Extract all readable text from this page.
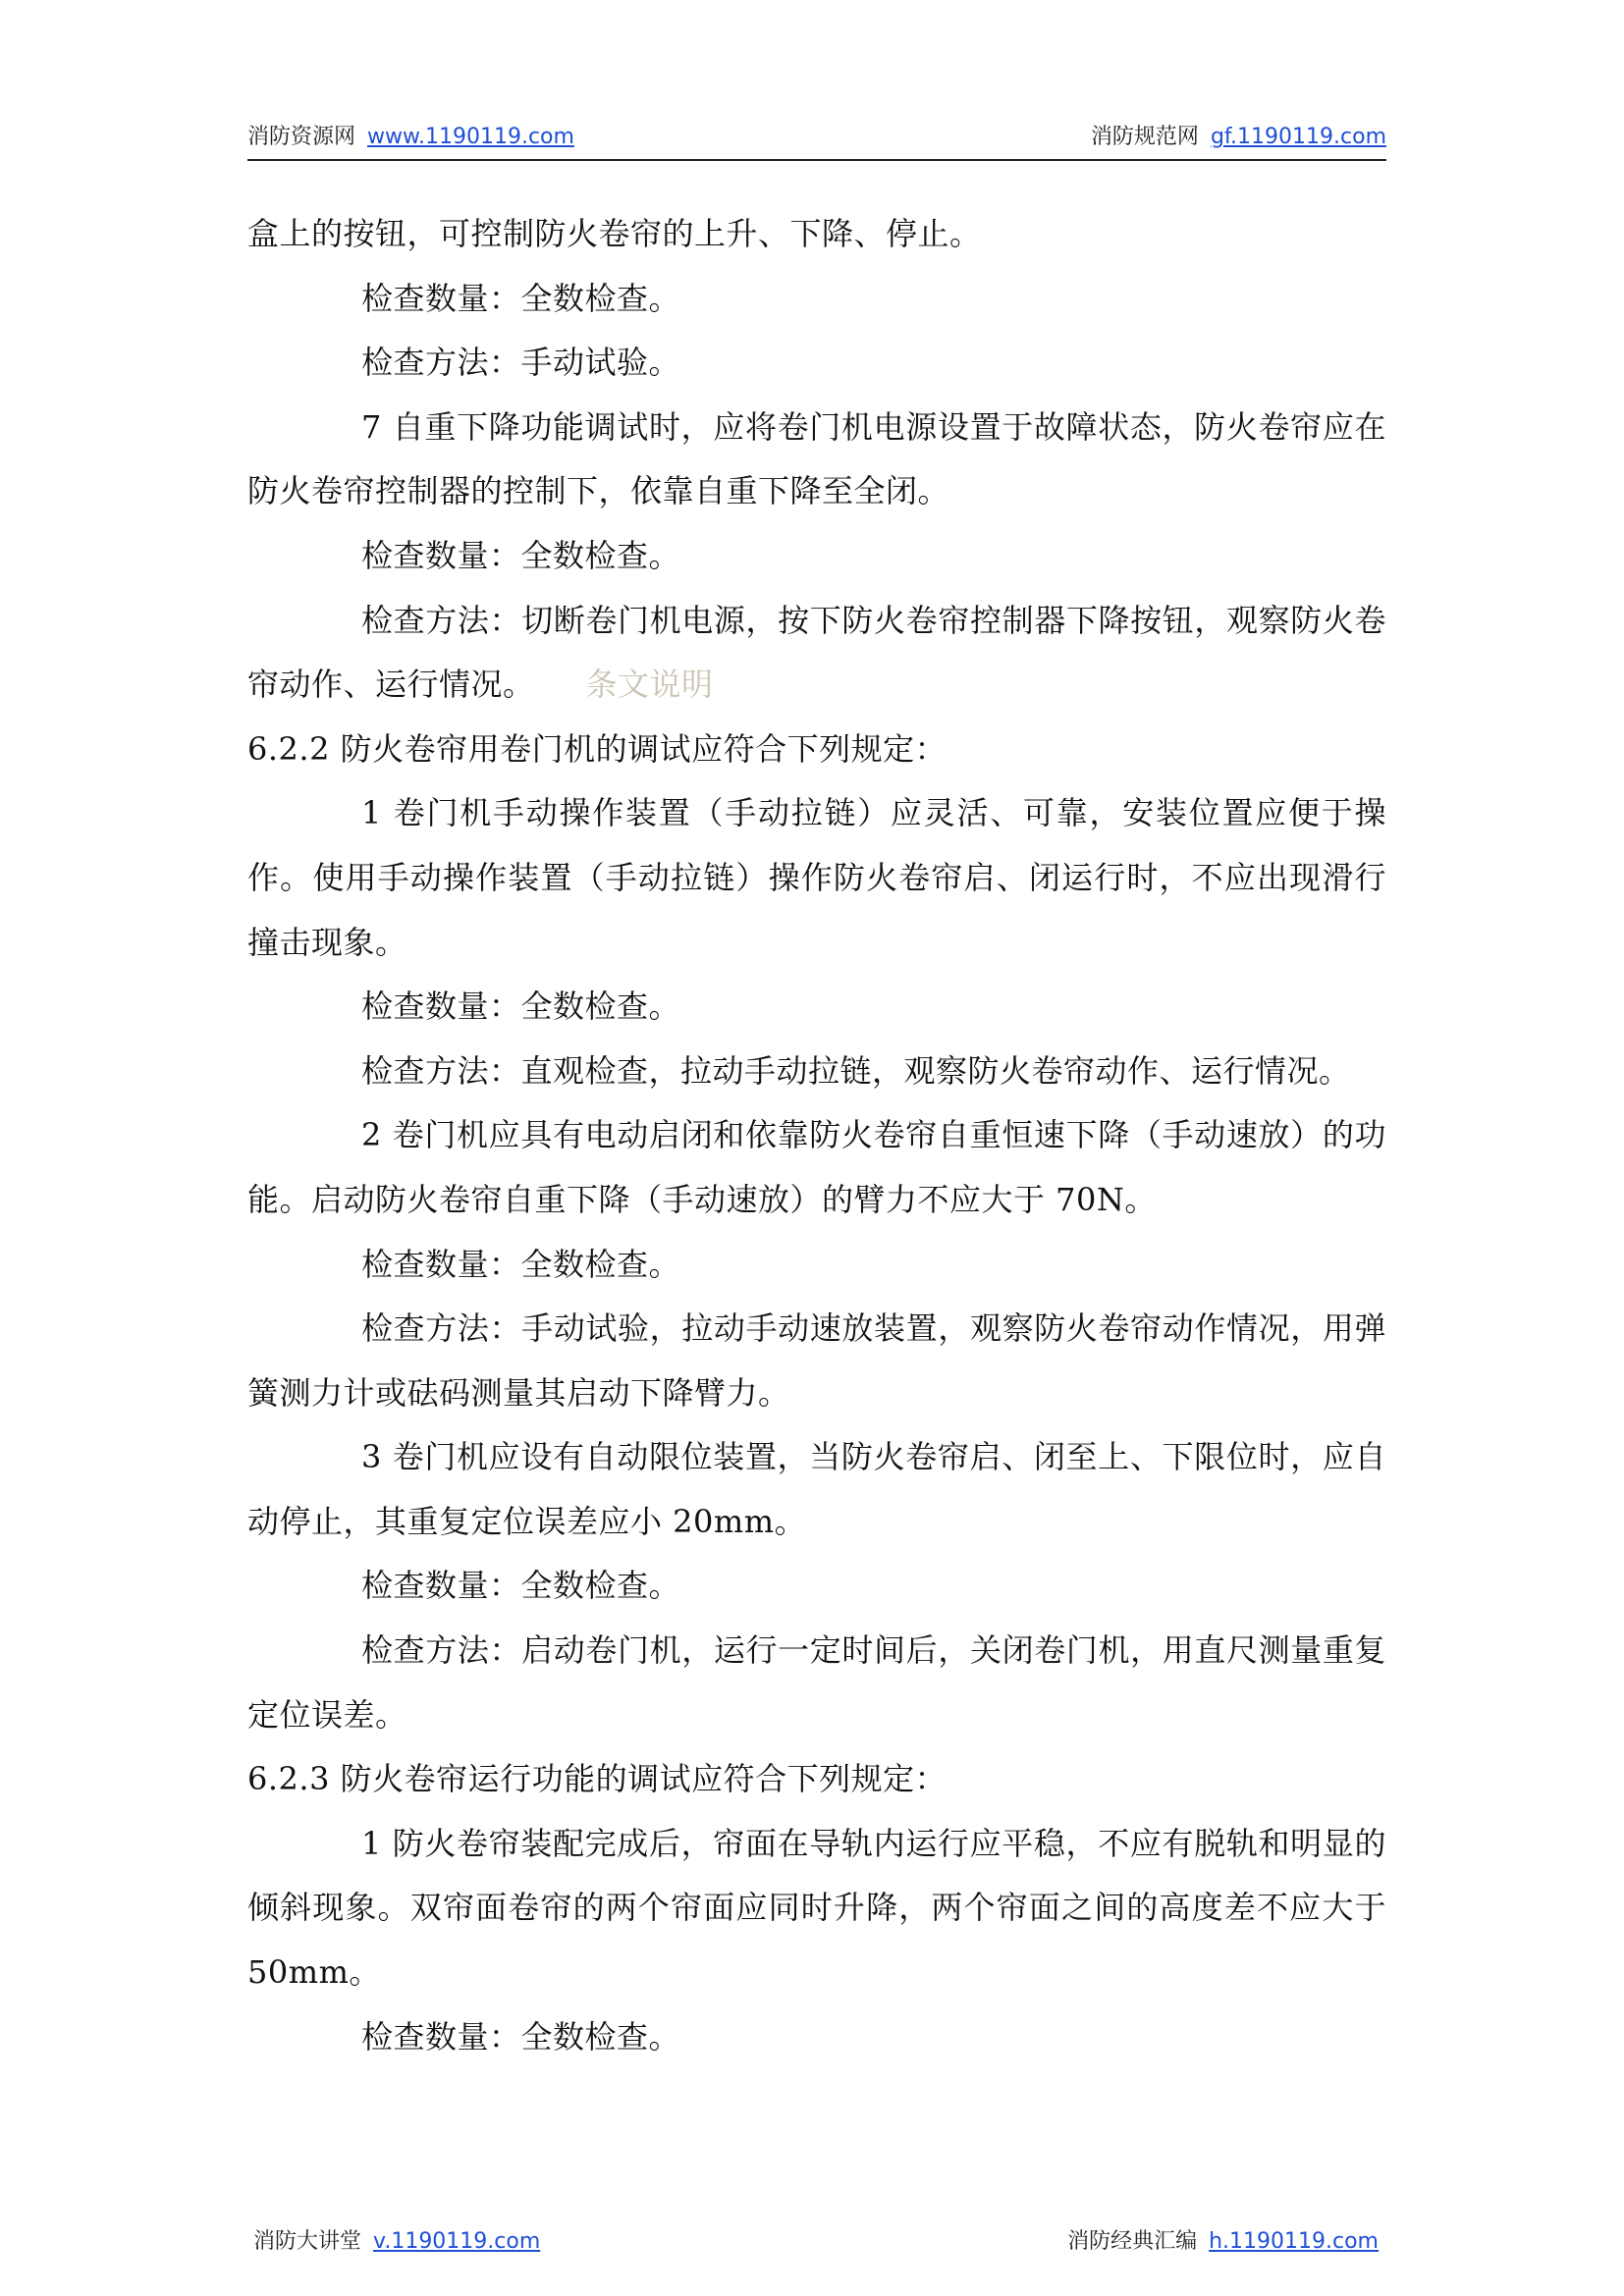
消防资源网 www.1190119.com	消防规范网 gf.1190119.com

盒上的按钮，可控制防火卷帘的上升、下降、停止。

检查数量：全数检查。

检查方法：手动试验。

7 自重下降功能调试时，应将卷门机电源设置于故障状态，防火卷帘应在防火卷帘控制器的控制下，依靠自重下降至全闭。

检查数量：全数检查。

检查方法：切断卷门机电源，按下防火卷帘控制器下降按钮，观察防火卷帘动作、运行情况。 条文说明

6.2.2 防火卷帘用卷门机的调试应符合下列规定：

1 卷门机手动操作装置（手动拉链）应灵活、可靠，安装位置应便于操作。使用手动操作装置（手动拉链）操作防火卷帘启、闭运行时，不应出现滑行撞击现象。

检查数量：全数检查。

检查方法：直观检查，拉动手动拉链，观察防火卷帘动作、运行情况。

2 卷门机应具有电动启闭和依靠防火卷帘自重恒速下降（手动速放）的功能。启动防火卷帘自重下降（手动速放）的臂力不应大于 70N。

检查数量：全数检查。

检查方法：手动试验，拉动手动速放装置，观察防火卷帘动作情况，用弹簧测力计或砝码测量其启动下降臂力。

3 卷门机应设有自动限位装置，当防火卷帘启、闭至上、下限位时，应自动停止，其重复定位误差应小 20mm。

检查数量：全数检查。

检查方法：启动卷门机，运行一定时间后，关闭卷门机，用直尺测量重复定位误差。

6.2.3 防火卷帘运行功能的调试应符合下列规定：

1 防火卷帘装配完成后，帘面在导轨内运行应平稳，不应有脱轨和明显的倾斜现象。双帘面卷帘的两个帘面应同时升降，两个帘面之间的高度差不应大于 50mm。

检查数量：全数检查。

消防大讲堂 v.1190119.com	消防经典汇编 h.1190119.com
